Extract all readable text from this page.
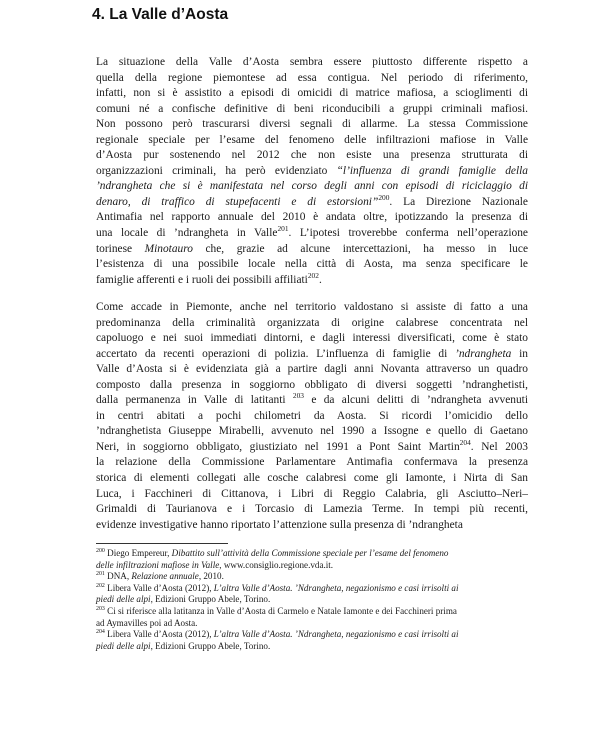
4. La Valle d’Aosta

La situazione della Valle d’Aosta sembra essere piuttosto differente rispetto a
quella della regione piemontese ad essa contigua. Nel periodo di riferimento,
infatti, non si è assistito a episodi di omicidi di matrice mafiosa, a scioglimenti di
comuni né a confische definitive di beni riconducibili a gruppi criminali mafiosi.
Non possono però trascurarsi diversi segnali di allarme. La stessa Commissione
regionale speciale per l’esame del fenomeno delle infiltrazioni mafiose in Valle
d’Aosta pur sostenendo nel 2012 che non esiste una presenza strutturata di
organizzazioni criminali, ha però evidenziato “l’influenza di grandi famiglie della
’ndrangheta che si è manifestata nel corso degli anni con episodi di riciclaggio di
denaro, di traffico di stupefacenti e di estorsioni”$^{200}$. La Direzione Nazionale
Antimafia nel rapporto annuale del 2010 è andata oltre, ipotizzando la presenza di
una locale di ’ndrangheta in Valle$^{201}$. L’ipotesi troverebbe conferma nell’operazione
torinese Minotauro che, grazie ad alcune intercettazioni, ha messo in luce
l’esistenza di una possibile locale nella città di Aosta, ma senza specificare le
famiglie afferenti e i ruoli dei possibili affiliati$^{202}$.

Come accade in Piemonte, anche nel territorio valdostano si assiste di fatto a una
predominanza della criminalità organizzata di origine calabrese concentrata nel
capoluogo e nei suoi immediati dintorni, e dagli interessi diversificati, come è stato
accertato da recenti operazioni di polizia. L’influenza di famiglie di ’ndrangheta in
Valle d’Aosta si è evidenziata già a partire dagli anni Novanta attraverso un quadro
composto dalla presenza in soggiorno obbligato di diversi soggetti ’ndranghetisti,
dalla permanenza in Valle di latitanti $^{203}$ e da alcuni delitti di ’ndrangheta avvenuti
in centri abitati a pochi chilometri da Aosta. Si ricordi l’omicidio dello
’ndranghetista Giuseppe Mirabelli, avvenuto nel 1990 a Issogne e quello di Gaetano
Neri, in soggiorno obbligato, giustiziato nel 1991 a Pont Saint Martin$^{204}$. Nel 2003
la relazione della Commissione Parlamentare Antimafia confermava la presenza
storica di elementi collegati alle cosche calabresi come gli Iamonte, i Nirta di San
Luca, i Facchineri di Cittanova, i Libri di Reggio Calabria, gli Asciutto–Neri–
Grimaldi di Taurianova e i Torcasio di Lamezia Terme. In tempi più recenti,
evidenze investigative hanno riportato l’attenzione sulla presenza di ’ndrangheta

$^{200}$ Diego Empereur, Dibattito sull’attività della Commissione speciale per l’esame del fenomeno
delle infiltrazioni mafiose in Valle, www.consiglio.regione.vda.it.
$^{201}$ DNA, Relazione annuale, 2010.
$^{202}$ Libera Valle d’Aosta (2012), L’altra Valle d’Aosta. ’Ndrangheta, negazionismo e casi irrisolti ai
piedi delle alpi, Edizioni Gruppo Abele, Torino.
$^{203}$ Ci si riferisce alla latitanza in Valle d’Aosta di Carmelo e Natale Iamonte e dei Facchineri prima
ad Aymavilles poi ad Aosta.
$^{204}$ Libera Valle d’Aosta (2012), L’altra Valle d’Aosta. ’Ndrangheta, negazionismo e casi irrisolti ai
piedi delle alpi, Edizioni Gruppo Abele, Torino.
